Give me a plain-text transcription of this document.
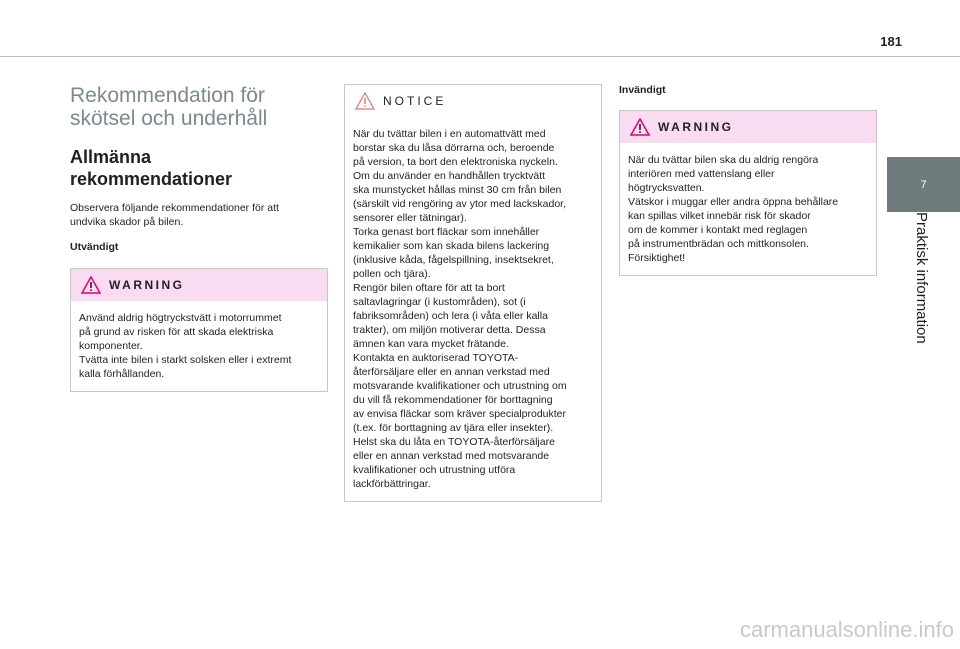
181
7
Praktisk information
Rekommendation för
skötsel och underhåll
Allmänna
rekommendationer

Observera följande rekommendationer för att
undvika skador på bilen.

Utvändigt

WARNING

Använd aldrig högtryckstvätt i motorrummet
på grund av risken för att skada elektriska
komponenter.
Tvätta inte bilen i starkt solsken eller i extremt
kalla förhållanden.

NOTICE

När du tvättar bilen i en automattvätt med
borstar ska du låsa dörrarna och, beroende
på version, ta bort den elektroniska nyckeln.
Om du använder en handhållen trycktvätt
ska munstycket hållas minst 30 cm från bilen
(särskilt vid rengöring av ytor med lackskador,
sensorer eller tätningar).
Torka genast bort fläckar som innehåller
kemikalier som kan skada bilens lackering
(inklusive kåda, fågelspillning, insektsekret,
pollen och tjära).
Rengör bilen oftare för att ta bort
saltavlagringar (i kustområden), sot (i
fabriksområden) och lera (i våta eller kalla
trakter), om miljön motiverar detta. Dessa
ämnen kan vara mycket frätande.
Kontakta en auktoriserad TOYOTA-
återförsäljare eller en annan verkstad med
motsvarande kvalifikationer och utrustning om
du vill få rekommendationer för borttagning
av envisa fläckar som kräver specialprodukter
(t.ex. för borttagning av tjära eller insekter).
Helst ska du låta en TOYOTA-återförsäljare
eller en annan verkstad med motsvarande
kvalifikationer och utrustning utföra
lackförbättringar.

Invändigt

WARNING

När du tvättar bilen ska du aldrig rengöra
interiören med vattenslang eller
högtrycksvatten.
Vätskor i muggar eller andra öppna behållare
kan spillas vilket innebär risk för skador
om de kommer i kontakt med reglagen
på instrumentbrädan och mittkonsolen.
Försiktighet!

carmanualsonline.info
